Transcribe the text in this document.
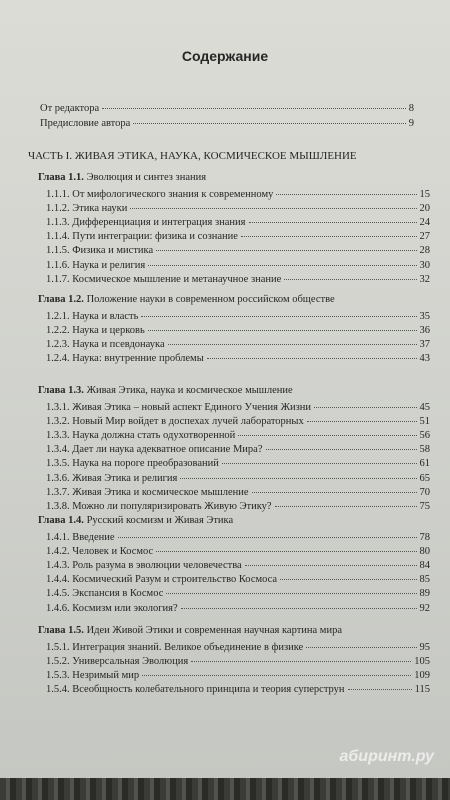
Содержание
ЧАСТЬ I. ЖИВАЯ ЭТИКА, НАУКА, КОСМИЧЕСКОЕ МЫШЛЕНИЕ
От редактора	8
Предисловие автора	9
Глава 1.1. Эволюция и синтез знания
1.1.1. От мифологического знания к современному	15
1.1.2. Этика науки	20
1.1.3. Дифференциация и интеграция знания	24
1.1.4. Пути интеграции: физика и сознание	27
1.1.5. Физика и мистика	28
1.1.6. Наука и религия	30
1.1.7. Космическое мышление и метанаучное знание	32
Глава 1.2. Положение науки в современном российском обществе
1.2.1. Наука и власть	35
1.2.2. Наука и церковь	36
1.2.3. Наука и псевдонаука	37
1.2.4. Наука: внутренние проблемы	43
Глава 1.3. Живая Этика, наука и космическое мышление
1.3.1. Живая Этика – новый аспект Единого Учения Жизни	45
1.3.2. Новый Мир войдет в доспехах лучей лабораторных	51
1.3.3. Наука должна стать одухотворенной	56
1.3.4. Дает ли наука адекватное описание Мира?	58
1.3.5. Наука на пороге преобразований	61
1.3.6. Живая Этика и религия	65
1.3.7. Живая Этика и космическое мышление	70
1.3.8. Можно ли популяризировать Живую Этику?	75
Глава 1.4. Русский космизм и Живая Этика
1.4.1. Введение	78
1.4.2. Человек и Космос	80
1.4.3. Роль разума в эволюции человечества	84
1.4.4. Космический Разум и строительство Космоса	85
1.4.5. Экспансия в Космос	89
1.4.6. Космизм или экология?	92
Глава 1.5. Идеи Живой Этики и современная научная картина мира
1.5.1. Интеграция знаний. Великое объединение в физике	95
1.5.2. Универсальная Эволюция	105
1.5.3. Незримый мир	109
1.5.4. Всеобщность колебательного принципа и теория суперструн	115
абиринт.ру
